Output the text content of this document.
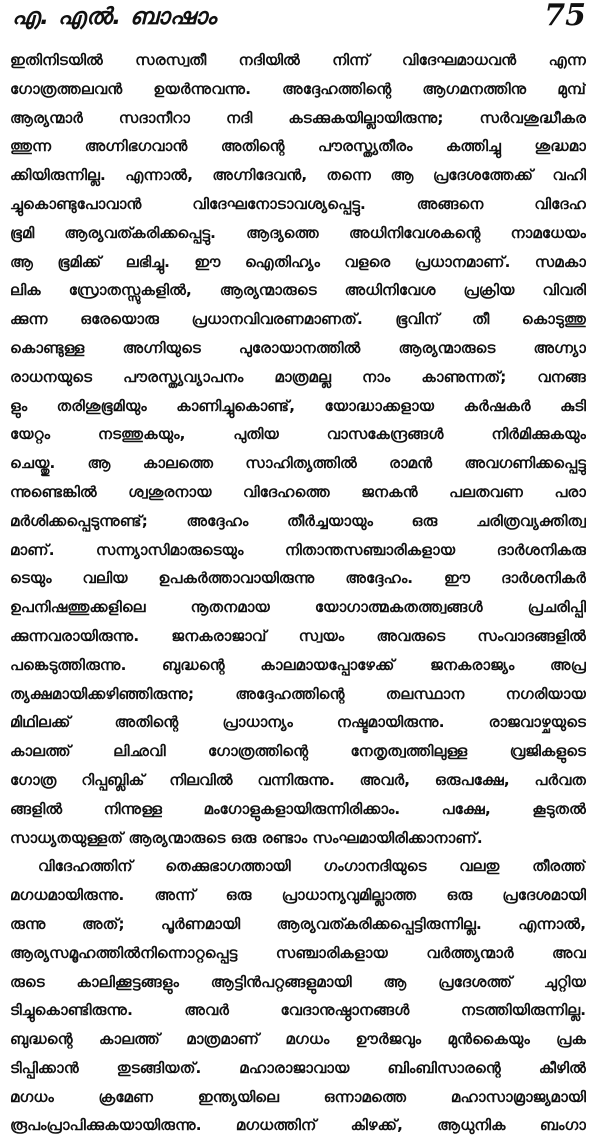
എ. എൽ. ബാഷാം	75
ഇതിനിടയിൽ സരസ്വതീ നദിയിൽ നിന്ന് വിദേഘമാധവൻ എന്ന
ഗോത്രത്തലവൻ ഉയർന്നുവന്നു. അദ്ദേഹത്തിന്റെ ആഗമനത്തിനു മുമ്പ്
ആര്യന്മാർ സദാനീറാ നദി കടക്കുകയില്ലായിരുന്നു; സർവശുദ്ധീകര
ത്തുന്ന അഗ്നിഭഗവാൻ അതിന്റെ പൗരസ്ത്യതീരം കത്തിച്ചു ശുദ്ധമാ
ക്കിയിരുന്നില്ല. എന്നാൽ, അഗ്നിദേവൻ, തന്നെ ആ പ്രദേശത്തേക്ക് വഹി
ച്ചുകൊണ്ടുപോവാൻ വിദേഘനോടാവശ്യപ്പെട്ടു. അങ്ങനെ വിദേഹ
ഭൂമി ആര്യവത്കരിക്കപ്പെട്ടു. ആദ്യത്തെ അധിനിവേശകന്റെ നാമധേയം
ആ ഭൂമിക്ക് ലഭിച്ചു. ഈ ഐതിഹ്യം വളരെ പ്രധാനമാണ്. സമകാ
ലിക സ്രോതസ്സുകളിൽ, ആര്യന്മാരുടെ അധിനിവേശ പ്രക്രിയ വിവരി
ക്കുന്ന ഒരേയൊരു പ്രധാനവിവരണമാണത്. ഭൂവിന് തീ കൊടുത്തു
കൊണ്ടുള്ള അഗ്നിയുടെ പുരോയാനത്തിൽ ആര്യന്മാരുടെ അഗ്ന്യാ
രാധനയുടെ പൗരസ്ത്യവ്യാപനം മാത്രമല്ല നാം കാണുന്നത്; വനങ്ങ
ളും തരിശുഭൂമിയും കാണിച്ചുകൊണ്ട്, യോദ്ധാക്കളായ കർഷകർ കുടി
യേറ്റം നടത്തുകയും, പുതിയ വാസകേന്ദ്രങ്ങൾ നിർമിക്കുകയും
ചെയ്തു. ആ കാലത്തെ സാഹിത്യത്തിൽ രാമൻ അവഗണിക്കപ്പെട്ടു
ന്നുണ്ടെങ്കിൽ ശ്വശുരനായ വിദേഹത്തെ ജനകൻ പലതവണ പരാ
മർശിക്കപ്പെടുന്നുണ്ട്; അദ്ദേഹം തീർച്ചയായും ഒരു ചരിത്രവ്യക്തിത്വ
മാണ്. സന്ന്യാസിമാരുടെയും നിതാന്തസഞ്ചാരികളായ ദാർശനികരു
ടെയും വലിയ ഉപകർത്താവായിരുന്നു അദ്ദേഹം. ഈ ദാർശനികർ
ഉപനിഷത്തുക്കളിലെ നൂതനമായ യോഗാത്മകതത്ത്വങ്ങൾ പ്രചരിപ്പി
ക്കുന്നവരായിരുന്നു. ജനകരാജാവ് സ്വയം അവരുടെ സംവാദങ്ങളിൽ
പങ്കെടുത്തിരുന്നു. ബുദ്ധന്റെ കാലമായപ്പോഴേക്ക് ജനകരാജ്യം അപ്ര
ത്യക്ഷമായിക്കഴിഞ്ഞിരുന്നു; അദ്ദേഹത്തിന്റെ തലസ്ഥാന നഗരിയായ
മിഥിലക്ക് അതിന്റെ പ്രാധാന്യം നഷ്ടമായിരുന്നു. രാജവാഴ്ചയുടെ
കാലത്ത് ലിഛവി ഗോത്രത്തിന്റെ നേതൃത്വത്തിലുള്ള വ്രജികളുടെ
ഗോത്ര റിപ്പബ്ലിക് നിലവിൽ വന്നിരുന്നു. അവർ, ഒരുപക്ഷേ, പർവത
ങ്ങളിൽ നിന്നുള്ള മംഗോളുകളായിരുന്നിരിക്കാം. പക്ഷേ, കൂടുതൽ
സാധ്യതയുള്ളത് ആര്യന്മാരുടെ ഒരു രണ്ടാം സംഘമായിരിക്കാനാണ്.
വിദേഹത്തിന് തെക്കുഭാഗത്തായി ഗംഗാനദിയുടെ വലതു തീരത്ത്
മഗധമായിരുന്നു. അന്ന് ഒരു പ്രാധാന്യവുമില്ലാത്ത ഒരു പ്രദേശമായി
രുന്നു അത്; പൂർണമായി ആര്യവത്കരിക്കപ്പെട്ടിരുന്നില്ല. എന്നാൽ,
ആര്യസമൂഹത്തിൽനിന്നൊറ്റപ്പെട്ട സഞ്ചാരികളായ വർത്ത്യന്മാർ അവ
രുടെ കാലിക്കൂട്ടങ്ങളും ആട്ടിൻപറ്റങ്ങളുമായി ആ പ്രദേശത്ത് ചുറ്റിയ
ടിച്ചുകൊണ്ടിരുന്നു. അവർ വേദാനുഷ്ഠാനങ്ങൾ നടത്തിയിരുന്നില്ല.
ബുദ്ധന്റെ കാലത്ത് മാത്രമാണ് മഗധം ഊർജവും മുൻകൈയും പ്രക
ടിപ്പിക്കാൻ തുടങ്ങിയത്. മഹാരാജാവായ ബിംബിസാരന്റെ കീഴിൽ
മഗധം ക്രമേണ ഇന്ത്യയിലെ ഒന്നാമത്തെ മഹാസാമ്രാജ്യമായി
രൂപംപ്രാപിക്കുകയായിരുന്നു. മഗധത്തിന് കിഴക്ക്, ആധുനിക ബംഗാ
